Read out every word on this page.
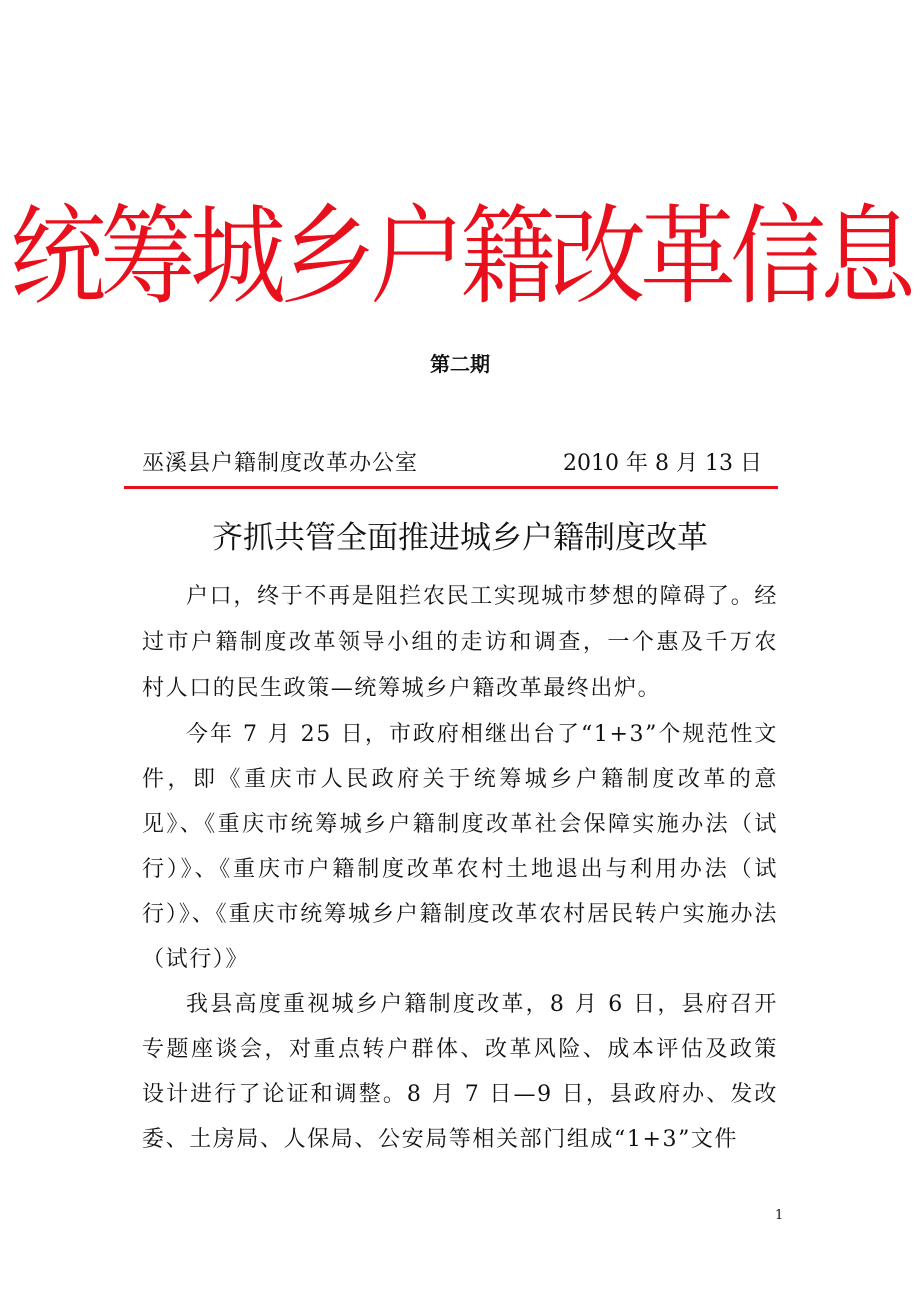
统筹城乡户籍改革信息
第二期
巫溪县户籍制度改革办公室	2010 年 8 月 13 日
齐抓共管全面推进城乡户籍制度改革

户口，终于不再是阻拦农民工实现城市梦想的障碍了。经过市户籍制度改革领导小组的走访和调查，一个惠及千万农村人口的民生政策—统筹城乡户籍改革最终出炉。

今年 7 月 25 日，市政府相继出台了“1+3”个规范性文件，即《重庆市人民政府关于统筹城乡户籍制度改革的意见》、《重庆市统筹城乡户籍制度改革社会保障实施办法（试行）》、《重庆市户籍制度改革农村土地退出与利用办法（试行）》、《重庆市统筹城乡户籍制度改革农村居民转户实施办法（试行）》

我县高度重视城乡户籍制度改革，8 月 6 日，县府召开专题座谈会，对重点转户群体、改革风险、成本评估及政策设计进行了论证和调整。8 月 7 日—9 日，县政府办、发改委、土房局、人保局、公安局等相关部门组成“1+3”文件

1
